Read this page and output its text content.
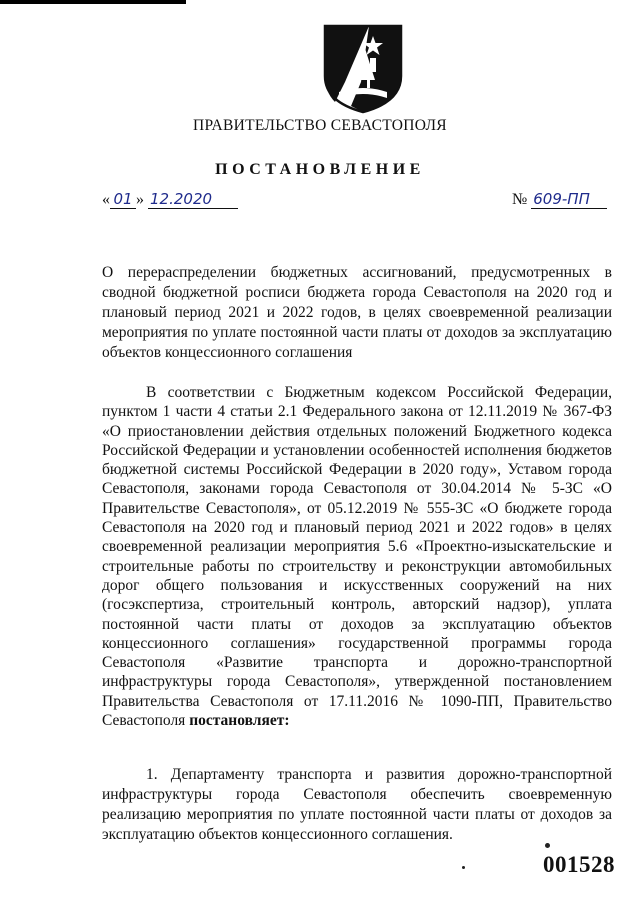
ПРАВИТЕЛЬСТВО СЕВАСТОПОЛЯ
ПОСТАНОВЛЕНИЕ
« 01 » 12.2020	№ 609-ПП
О перераспределении бюджетных ассигнований, предусмотренных в сводной бюджетной росписи бюджета города Севастополя на 2020 год и плановый период 2021 и 2022 годов, в целях своевременной реализации мероприятия по уплате постоянной части платы от доходов за эксплуатацию объектов концессионного соглашения
В соответствии с Бюджетным кодексом Российской Федерации, пунктом 1 части 4 статьи 2.1 Федерального закона от 12.11.2019 № 367-ФЗ «О приостановлении действия отдельных положений Бюджетного кодекса Российской Федерации и установлении особенностей исполнения бюджетов бюджетной системы Российской Федерации в 2020 году», Уставом города Севастополя, законами города Севастополя от 30.04.2014 № 5-ЗС «О Правительстве Севастополя», от 05.12.2019 № 555-ЗС «О бюджете города Севастополя на 2020 год и плановый период 2021 и 2022 годов» в целях своевременной реализации мероприятия 5.6 «Проектно-изыскательские и строительные работы по строительству и реконструкции автомобильных дорог общего пользования и искусственных сооружений на них (госэкспертиза, строительный контроль, авторский надзор), уплата постоянной части платы от доходов за эксплуатацию объектов концессионного соглашения» государственной программы города Севастополя «Развитие транспорта и дорожно-транспортной инфраструктуры города Севастополя», утвержденной постановлением Правительства Севастополя от 17.11.2016 № 1090-ПП, Правительство Севастополя постановляет:
1. Департаменту транспорта и развития дорожно-транспортной инфраструктуры города Севастополя обеспечить своевременную реализацию мероприятия по уплате постоянной части платы от доходов за эксплуатацию объектов концессионного соглашения.
001528
